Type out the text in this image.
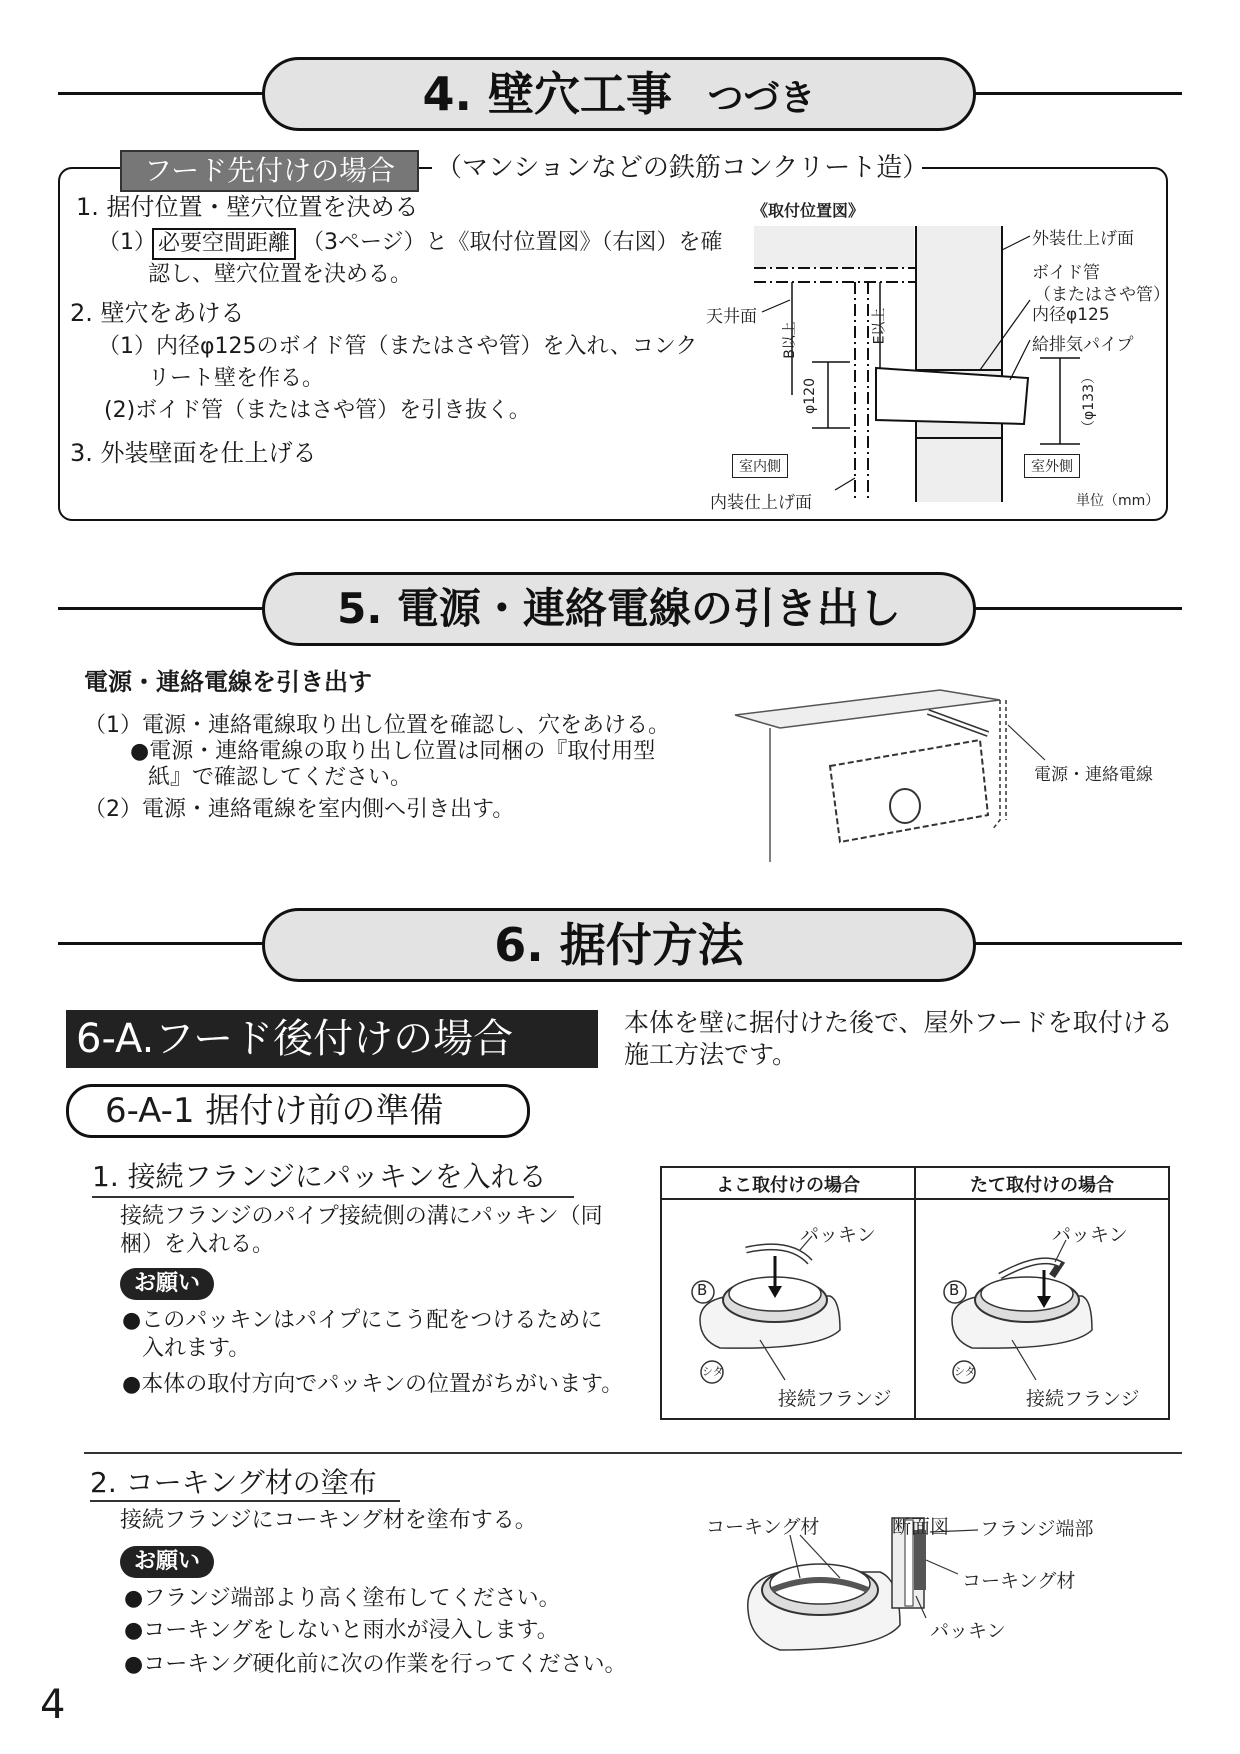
4. 壁穴工事 つづき
フード先付けの場合	（マンションなどの鉄筋コンクリート造）
1. 据付位置・壁穴位置を決める
（1） 必要空間距離 （3ページ）と《取付位置図》（右図）を確
認し、壁穴位置を決める。
2. 壁穴をあける
（1）内径φ125のボイド管（またはさや管）を入れ、コンク
リート壁を作る。
(2)ボイド管（またはさや管）を引き抜く。
3. 外装壁面を仕上げる
《取付位置図》
外装仕上げ面
ボイド管
（またはさや管）
内径φ125
給排気パイプ
天井面
B以上	E以上
φ120	（φ133）
室内側	室外側
内装仕上げ面	単位（mm）
5. 電源・連絡電線の引き出し
電源・連絡電線を引き出す
（1）電源・連絡電線取り出し位置を確認し、穴をあける。
●電源・連絡電線の取り出し位置は同梱の『取付用型
紙』で確認してください。
（2）電源・連絡電線を室内側へ引き出す。
電源・連絡電線
6. 据付方法
6-A.フード後付けの場合	本体を壁に据付けた後で、屋外フードを取付ける
施工方法です。
6-A-1 据付け前の準備
1. 接続フランジにパッキンを入れる
接続フランジのパイプ接続側の溝にパッキン（同
梱）を入れる。
お願い
●このパッキンはパイプにこう配をつけるために
入れます。
●本体の取付方向でパッキンの位置がちがいます。
よこ取付けの場合	たて取付けの場合
パッキン	パッキン
接続フランジ	接続フランジ
B	B
シタ	シタ
2. コーキング材の塗布
接続フランジにコーキング材を塗布する。
お願い
●フランジ端部より高く塗布してください。
●コーキングをしないと雨水が浸入します。
●コーキング硬化前に次の作業を行ってください。
コーキング材	断面図 フランジ端部
コーキング材
パッキン
4
